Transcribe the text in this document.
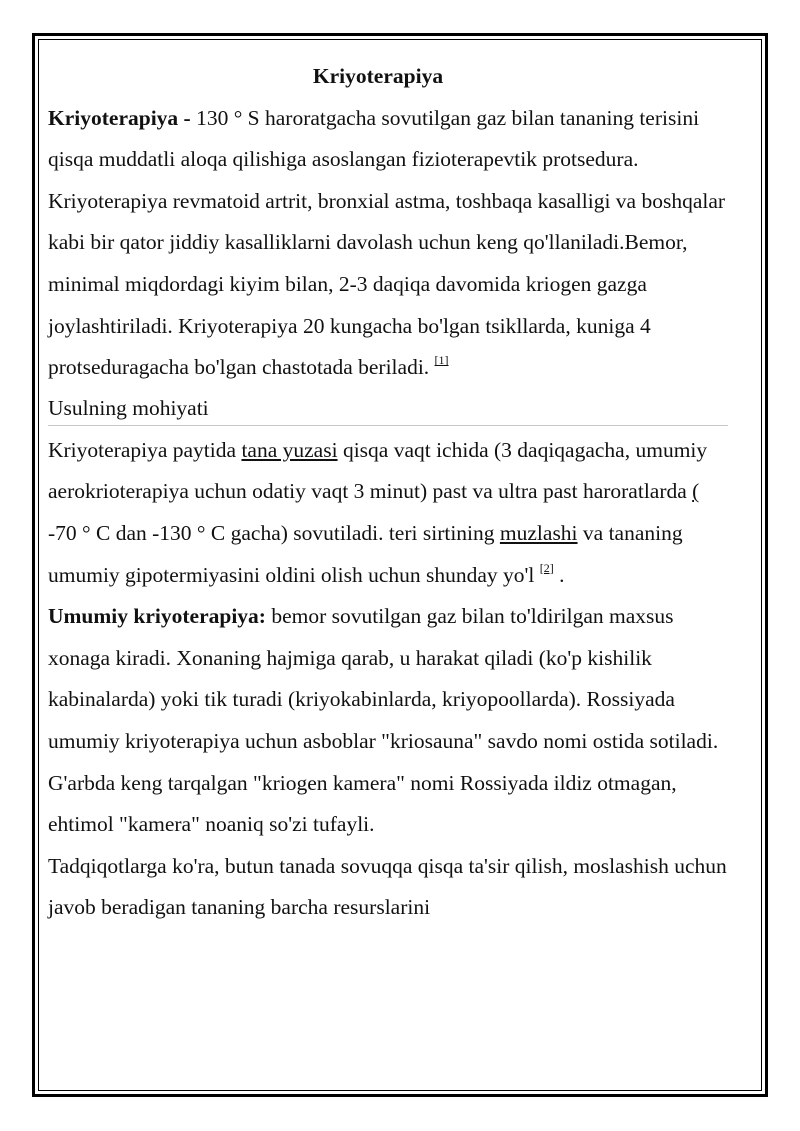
Kriyoterapiya

Kriyoterapiya - 130 ° S haroratgacha sovutilgan gaz bilan tananing terisini qisqa muddatli aloqa qilishiga asoslangan fizioterapevtik protsedura. Kriyoterapiya revmatoid artrit, bronxial astma, toshbaqa kasalligi va boshqalar kabi bir qator jiddiy kasalliklarni davolash uchun keng qo'llaniladi.Bemor, minimal miqdordagi kiyim bilan, 2-3 daqiqa davomida kriogen gazga joylashtiriladi. Kriyoterapiya 20 kungacha bo'lgan tsikllarda, kuniga 4 protseduragacha bo'lgan chastotada beriladi. [1]

Usulning mohiyati

Kriyoterapiya paytida tana yuzasi qisqa vaqt ichida (3 daqiqagacha, umumiy aerokrioterapiya uchun odatiy vaqt 3 minut) past va ultra past haroratlarda ( -70 ° C dan -130 ° C gacha) sovutiladi. teri sirtining muzlashi va tananing umumiy gipotermiyasini oldini olish uchun shunday yo'l [2] .

Umumiy kriyoterapiya: bemor sovutilgan gaz bilan to'ldirilgan maxsus xonaga kiradi. Xonaning hajmiga qarab, u harakat qiladi (ko'p kishilik kabinalarda) yoki tik turadi (kriyokabinlarda, kriyopoollarda). Rossiyada umumiy kriyoterapiya uchun asboblar "kriosauna" savdo nomi ostida sotiladi. G'arbda keng tarqalgan "kriogen kamera" nomi Rossiyada ildiz otmagan, ehtimol "kamera" noaniq so'zi tufayli.

Tadqiqotlarga ko'ra, butun tanada sovuqqa qisqa ta'sir qilish, moslashish uchun javob beradigan tananing barcha resurslarini
